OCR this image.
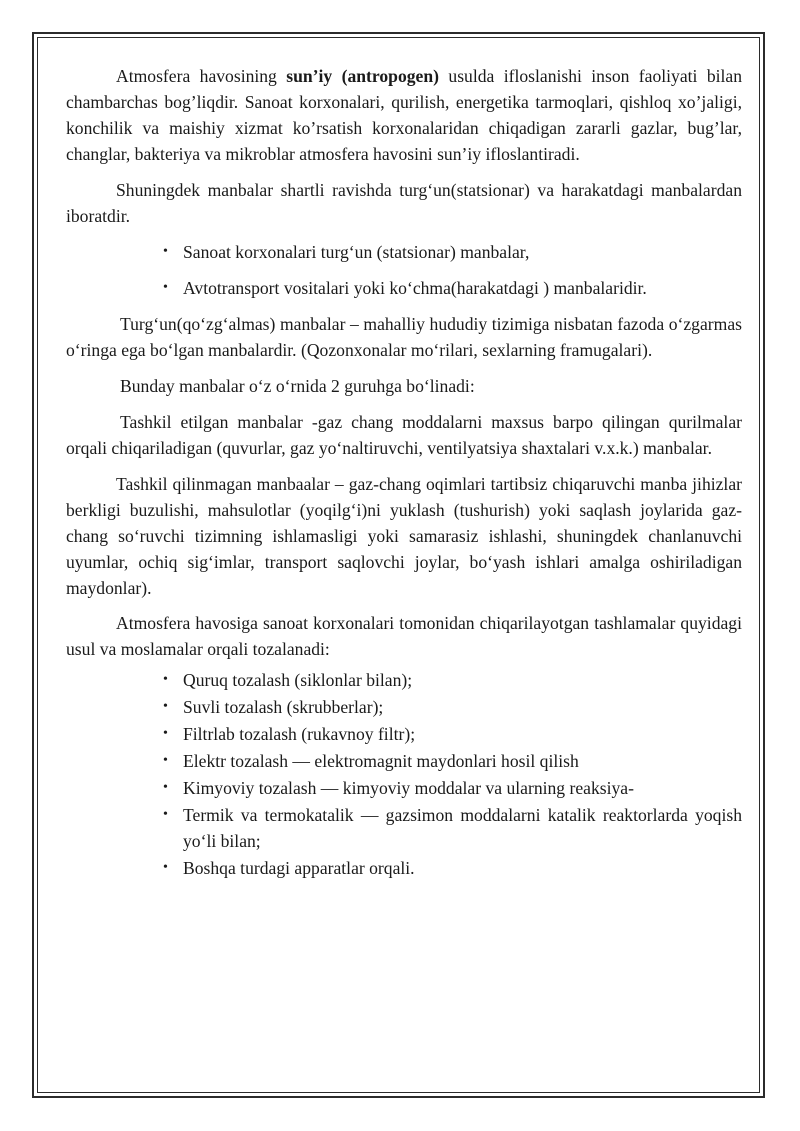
Atmosfera havosining sun’iy (antropogen) usulda ifloslanishi inson faoliyati bilan chambarchas bog’liqdir. Sanoat korxonalari, qurilish, energetika tarmoqlari, qishloq xo’jaligi, konchilik va maishiy xizmat ko’rsatish korxonalaridan chiqadigan zararli gazlar, bug’lar, changlar, bakteriya va mikroblar atmosfera havosini sun’iy ifloslantiradi.

Shuningdek manbalar shartli ravishda turg‘un(statsionar) va harakatdagi manbalardan iboratdir.

• Sanoat korxonalari turg‘un (statsionar) manbalar,
• Avtotransport vositalari yoki ko‘chma(harakatdagi ) manbalaridir.

Turg‘un(qo‘zg‘almas) manbalar – mahalliy hududiy tizimiga nisbatan fazoda o‘zgarmas o‘ringa ega bo‘lgan manbalardir. (Qozonxonalar mo‘rilari, sexlarning framugalari).

Bunday manbalar o‘z o‘rnida 2 guruhga bo‘linadi:

Tashkil etilgan manbalar -gaz chang moddalarni maxsus barpo qilingan qurilmalar orqali chiqariladigan (quvurlar, gaz yo‘naltiruvchi, ventilyatsiya shaxtalari v.x.k.) manbalar.

Tashkil qilinmagan manbaalar – gaz-chang oqimlari tartibsiz chiqaruvchi manba jihizlar berkligi buzulishi, mahsulotlar (yoqilg‘i)ni yuklash (tushurish) yoki saqlash joylarida gaz-chang so‘ruvchi tizimning ishlamasligi yoki samarasiz ishlashi, shuningdek chanlanuvchi uyumlar, ochiq sig‘imlar, transport saqlovchi joylar, bo‘yash ishlari amalga oshiriladigan maydonlar).

Atmosfera havosiga sanoat korxonalari tomonidan chiqarilayotgan tashlamalar quyidagi usul va moslamalar orqali tozalanadi:

• Quruq tozalash (siklonlar bilan);
• Suvli tozalash (skrubberlar);
• Filtrlab tozalash (rukavnoy filtr);
• Elektr tozalash — elektromagnit maydonlari hosil qilish
• Kimyoviy tozalash — kimyoviy moddalar va ularning reaksiya-
• Termik va termokatalik — gazsimon moddalarni katalik reaktorlarda yoqish yo‘li bilan;
• Boshqa turdagi apparatlar orqali.
